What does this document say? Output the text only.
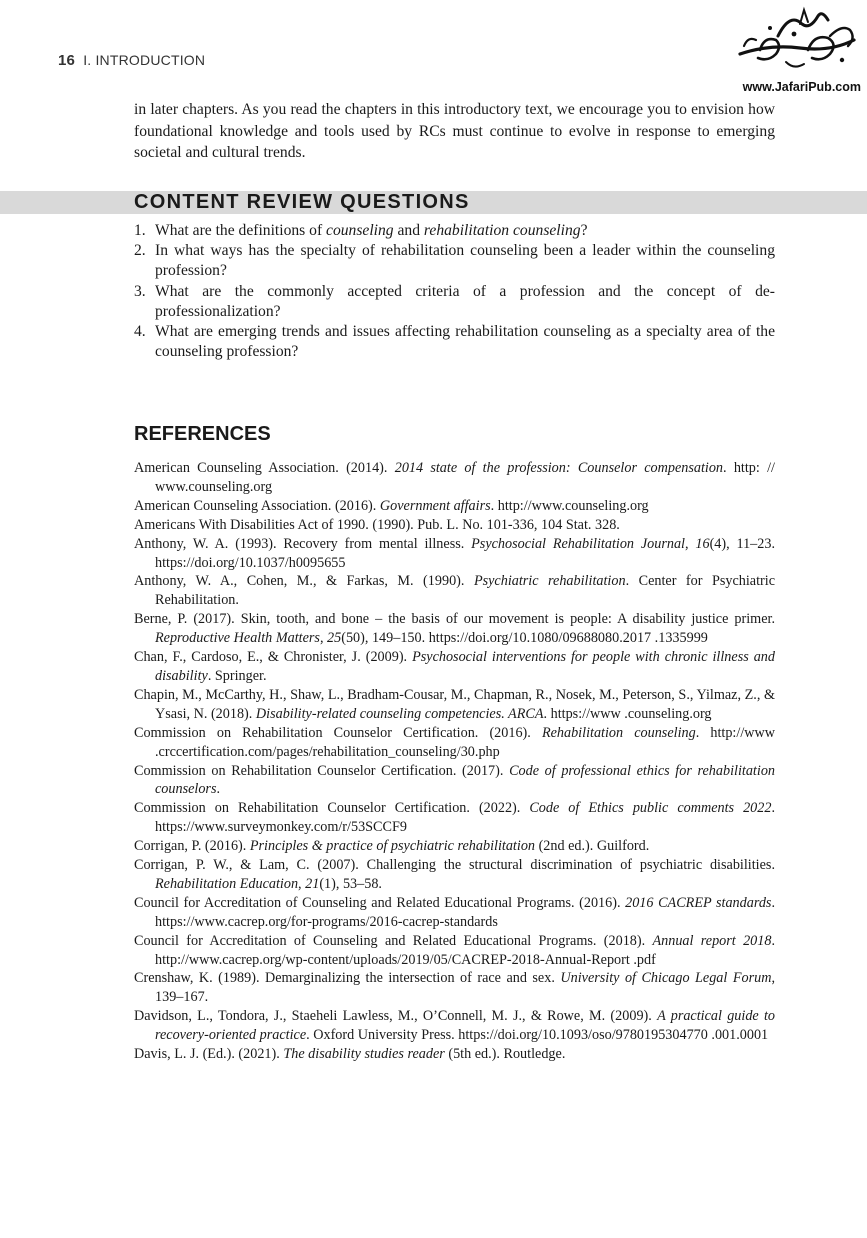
16 I. INTRODUCTION
www.JafariPub.com

in later chapters. As you read the chapters in this introductory text, we encourage you to envision how foundational knowledge and tools used by RCs must continue to evolve in response to emerging societal and cultural trends.

CONTENT REVIEW QUESTIONS
1. What are the definitions of counseling and rehabilitation counseling?
2. In what ways has the specialty of rehabilitation counseling been a leader within the counseling profession?
3. What are the commonly accepted criteria of a profession and the concept of de-professionalization?
4. What are emerging trends and issues affecting rehabilitation counseling as a specialty area of the counseling profession?
REFERENCES

American Counseling Association. (2014). 2014 state of the profession: Counselor compensation. http: // www.counseling.org

American Counseling Association. (2016). Government affairs. http://www.counseling.org

Americans With Disabilities Act of 1990. (1990). Pub. L. No. 101-336, 104 Stat. 328.

Anthony, W. A. (1993). Recovery from mental illness. Psychosocial Rehabilitation Journal, 16(4), 11–23. https://doi.org/10.1037/h0095655

Anthony, W. A., Cohen, M., & Farkas, M. (1990). Psychiatric rehabilitation. Center for Psychiatric Rehabilitation.

Berne, P. (2017). Skin, tooth, and bone – the basis of our movement is people: A disability justice primer. Reproductive Health Matters, 25(50), 149–150. https://doi.org/10.1080/09688080.2017 .1335999

Chan, F., Cardoso, E., & Chronister, J. (2009). Psychosocial interventions for people with chronic illness and disability. Springer.

Chapin, M., McCarthy, H., Shaw, L., Bradham-Cousar, M., Chapman, R., Nosek, M., Peterson, S., Yilmaz, Z., & Ysasi, N. (2018). Disability-related counseling competencies. ARCA. https://www .counseling.org

Commission on Rehabilitation Counselor Certification. (2016). Rehabilitation counseling. http://www .crccertification.com/pages/rehabilitation_counseling/30.php

Commission on Rehabilitation Counselor Certification. (2017). Code of professional ethics for rehabilitation counselors.

Commission on Rehabilitation Counselor Certification. (2022). Code of Ethics public comments 2022. https://www.surveymonkey.com/r/53SCCF9

Corrigan, P. (2016). Principles & practice of psychiatric rehabilitation (2nd ed.). Guilford.

Corrigan, P. W., & Lam, C. (2007). Challenging the structural discrimination of psychiatric disabilities. Rehabilitation Education, 21(1), 53–58.

Council for Accreditation of Counseling and Related Educational Programs. (2016). 2016 CACREP standards. https://www.cacrep.org/for-programs/2016-cacrep-standards

Council for Accreditation of Counseling and Related Educational Programs. (2018). Annual report 2018. http://www.cacrep.org/wp-content/uploads/2019/05/CACREP-2018-Annual-Report .pdf

Crenshaw, K. (1989). Demarginalizing the intersection of race and sex. University of Chicago Legal Forum, 139–167.

Davidson, L., Tondora, J., Staeheli Lawless, M., O’Connell, M. J., & Rowe, M. (2009). A practical guide to recovery-oriented practice. Oxford University Press. https://doi.org/10.1093/oso/9780195304770 .001.0001

Davis, L. J. (Ed.). (2021). The disability studies reader (5th ed.). Routledge.
